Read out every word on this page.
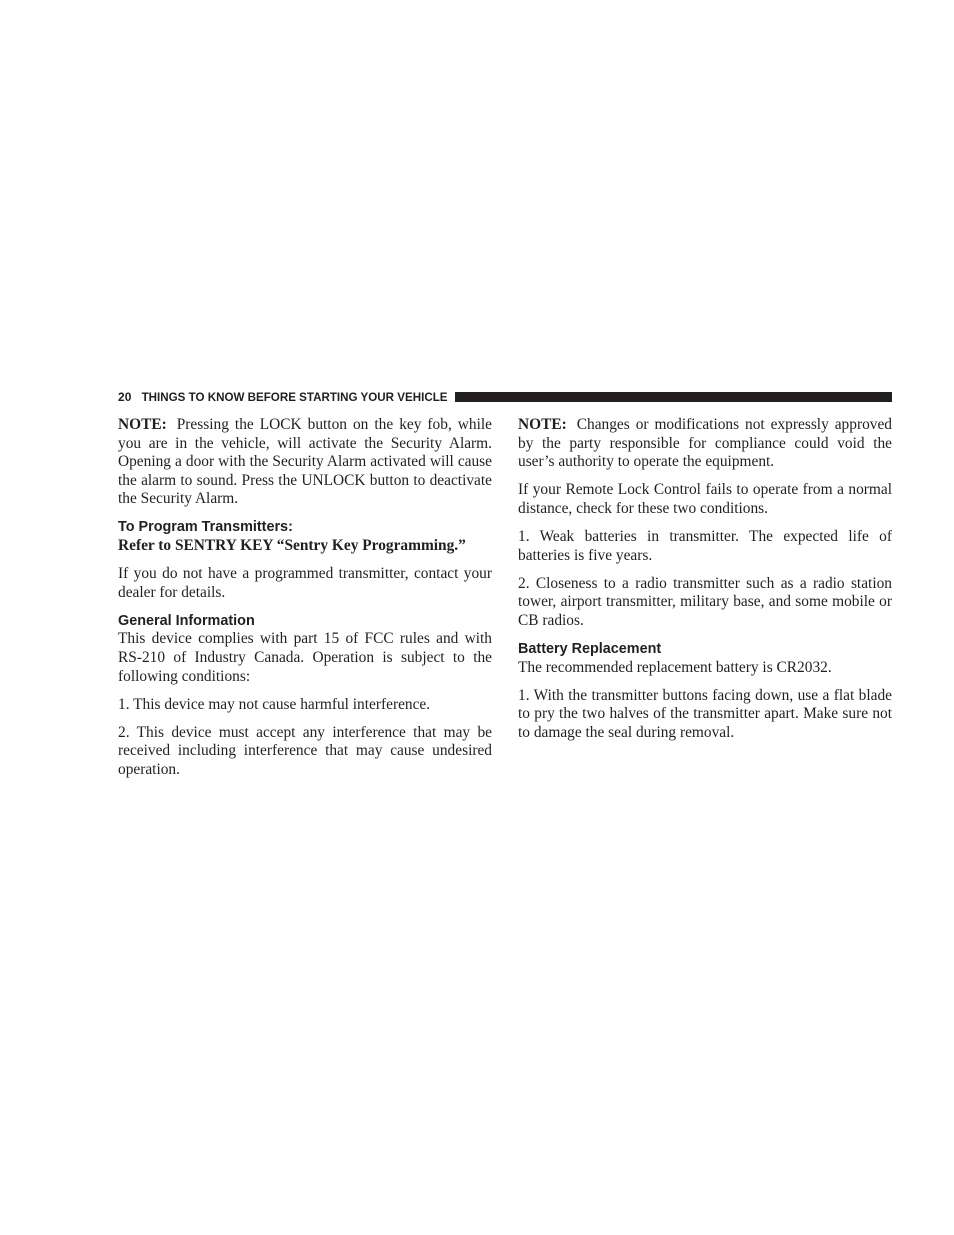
20 THINGS TO KNOW BEFORE STARTING YOUR VEHICLE

NOTE: Pressing the LOCK button on the key fob, while you are in the vehicle, will activate the Security Alarm. Opening a door with the Security Alarm activated will cause the alarm to sound. Press the UNLOCK button to deactivate the Security Alarm.

To Program Transmitters:
Refer to SENTRY KEY “Sentry Key Programming.”

If you do not have a programmed transmitter, contact your dealer for details.

General Information

This device complies with part 15 of FCC rules and with RS-210 of Industry Canada. Operation is subject to the following conditions:

1. This device may not cause harmful interference.

2. This device must accept any interference that may be received including interference that may cause undesired operation.

NOTE: Changes or modifications not expressly approved by the party responsible for compliance could void the user’s authority to operate the equipment.

If your Remote Lock Control fails to operate from a normal distance, check for these two conditions.

1. Weak batteries in transmitter. The expected life of batteries is five years.

2. Closeness to a radio transmitter such as a radio station tower, airport transmitter, military base, and some mobile or CB radios.

Battery Replacement

The recommended replacement battery is CR2032.

1. With the transmitter buttons facing down, use a flat blade to pry the two halves of the transmitter apart. Make sure not to damage the seal during removal.
